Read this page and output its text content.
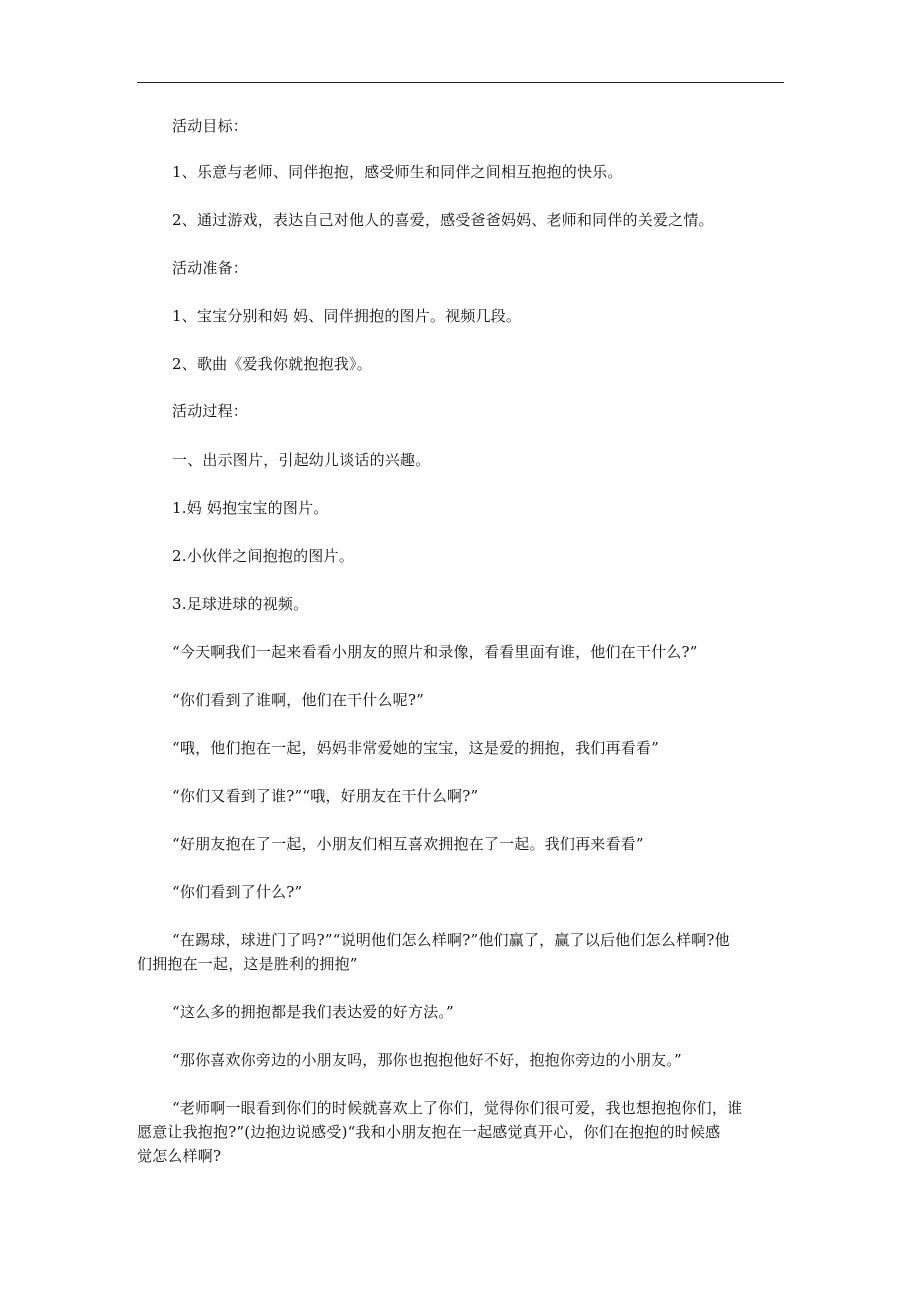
活动目标：
1、乐意与老师、同伴抱抱，感受师生和同伴之间相互抱抱的快乐。
2、通过游戏，表达自己对他人的喜爱，感受爸爸妈妈、老师和同伴的关爱之情。
活动准备：
1、宝宝分别和妈 妈、同伴拥抱的图片。视频几段。
2、歌曲《爱我你就抱抱我》。
活动过程：
一、出示图片，引起幼儿谈话的兴趣。
1.妈 妈抱宝宝的图片。
2.小伙伴之间抱抱的图片。
3.足球进球的视频。
“今天啊我们一起来看看小朋友的照片和录像，看看里面有谁，他们在干什么?”
“你们看到了谁啊，他们在干什么呢?”
“哦，他们抱在一起，妈妈非常爱她的宝宝，这是爱的拥抱，我们再看看”
“你们又看到了谁?”“哦，好朋友在干什么啊?”
“好朋友抱在了一起，小朋友们相互喜欢拥抱在了一起。我们再来看看”
“你们看到了什么?”
“在踢球，球进门了吗?”“说明他们怎么样啊?”他们赢了，赢了以后他们怎么样啊?他
们拥抱在一起，这是胜利的拥抱”
“这么多的拥抱都是我们表达爱的好方法。”
“那你喜欢你旁边的小朋友吗，那你也抱抱他好不好，抱抱你旁边的小朋友。”
“老师啊一眼看到你们的时候就喜欢上了你们，觉得你们很可爱，我也想抱抱你们，谁
愿意让我抱抱?”(边抱边说感受)“我和小朋友抱在一起感觉真开心，你们在抱抱的时候感
觉怎么样啊?
